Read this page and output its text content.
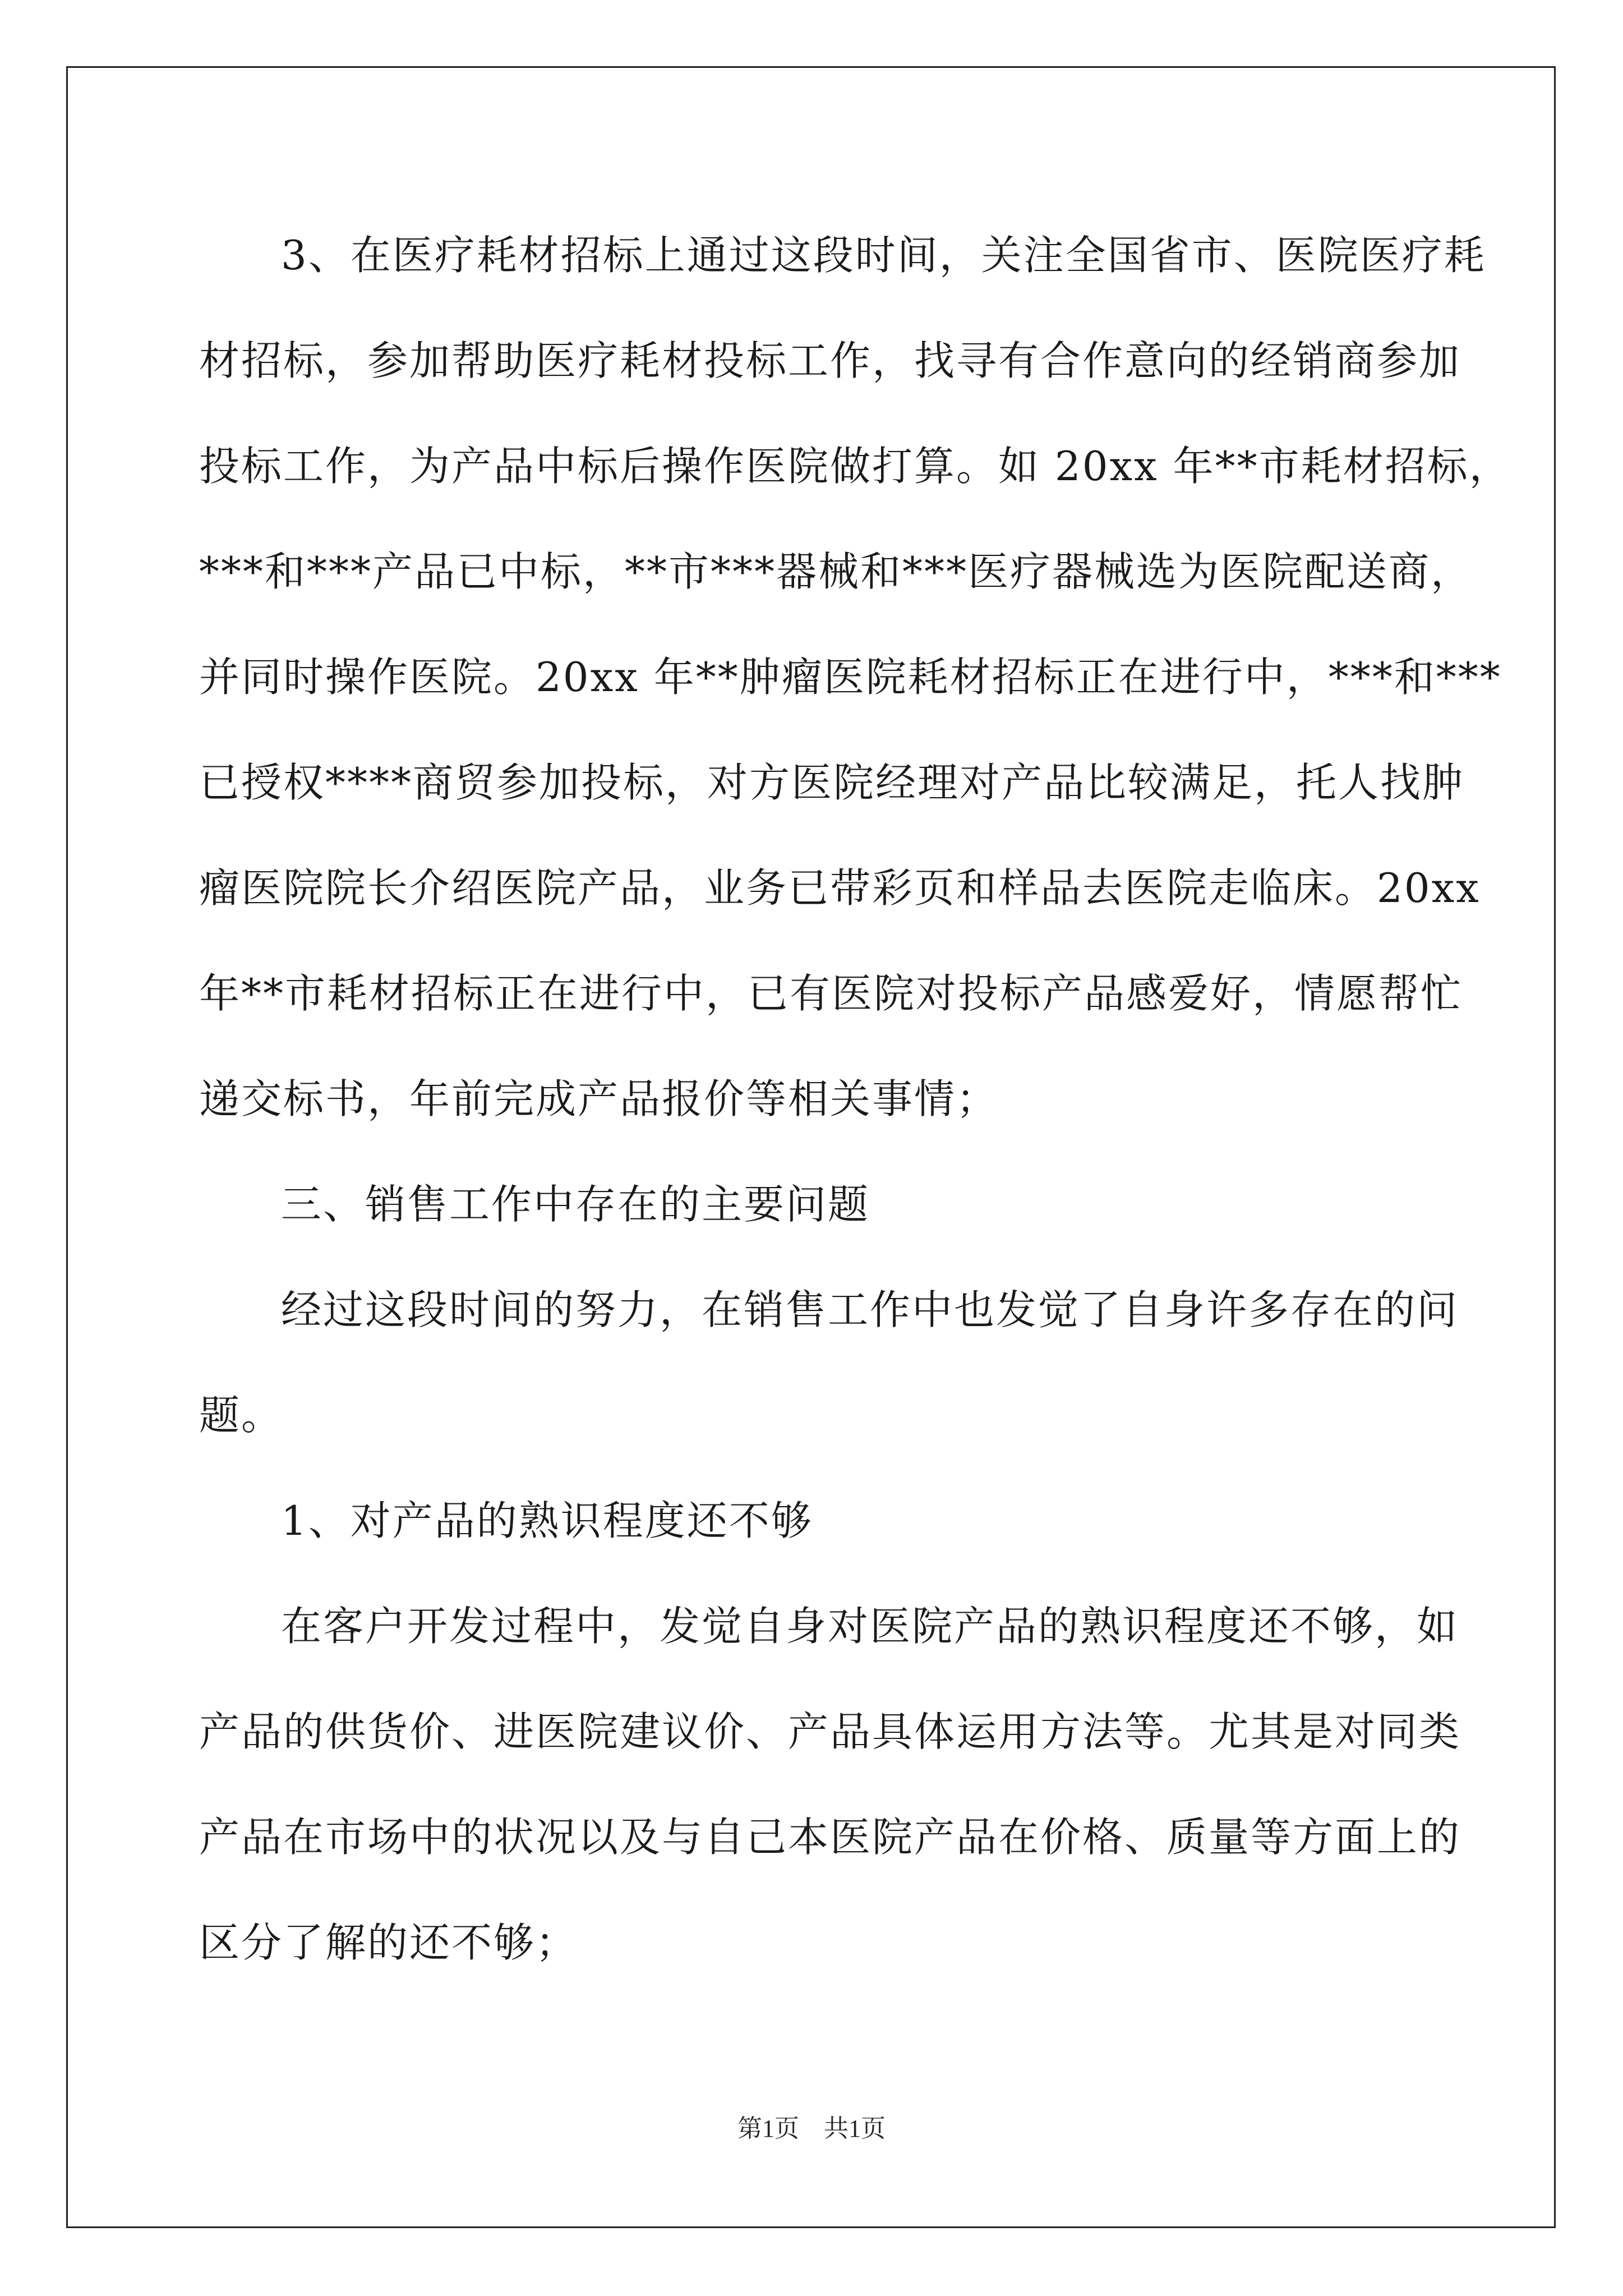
3、在医疗耗材招标上通过这段时间，关注全国省市、医院医疗耗
材招标，参加帮助医疗耗材投标工作，找寻有合作意向的经销商参加
投标工作，为产品中标后操作医院做打算。如 20xx 年**市耗材招标，
***和***产品已中标，**市***器械和***医疗器械选为医院配送商，
并同时操作医院。20xx 年**肿瘤医院耗材招标正在进行中，***和***
已授权****商贸参加投标，对方医院经理对产品比较满足，托人找肿
瘤医院院长介绍医院产品，业务已带彩页和样品去医院走临床。20xx
年**市耗材招标正在进行中，已有医院对投标产品感爱好，情愿帮忙
递交标书，年前完成产品报价等相关事情；
三、销售工作中存在的主要问题
经过这段时间的努力，在销售工作中也发觉了自身许多存在的问
题。
1、对产品的熟识程度还不够
在客户开发过程中，发觉自身对医院产品的熟识程度还不够，如
产品的供货价、进医院建议价、产品具体运用方法等。尤其是对同类
产品在市场中的状况以及与自己本医院产品在价格、质量等方面上的
区分了解的还不够；
第1页 共1页
